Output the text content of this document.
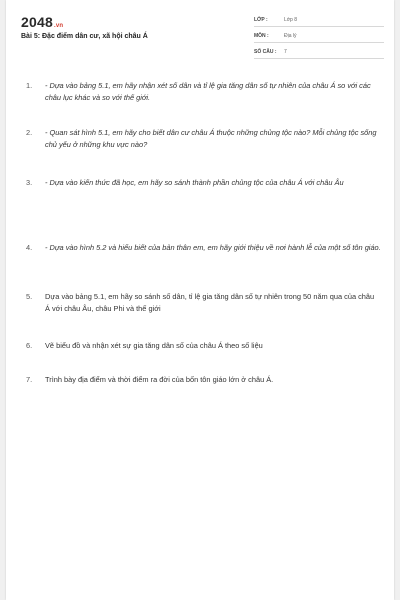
2048.vn
Bài 5: Đặc điểm dân cư, xã hội châu Á
LỚP :	Lớp 8
MÔN :	Địa lý
SỐ CÂU :	7
1. - Dựa vào bảng 5.1, em hãy nhận xét số dân và tỉ lệ gia tăng dân số tự nhiên của châu Á so với các châu lục khác và so với thế giới.
2. - Quan sát hình 5.1, em hãy cho biết dân cư châu Á thuộc những chủng tộc nào? Mỗi chủng tộc sống chủ yếu ở những khu vực nào?
3. - Dựa vào kiến thức đã học, em hãy so sánh thành phần chủng tộc của châu Á với châu Âu
4. - Dựa vào hình 5.2 và hiểu biết của bản thân em, em hãy giới thiệu về nơi hành lễ của một số tôn giáo.
5. Dựa vào bảng 5.1, em hãy so sánh số dân, tỉ lệ gia tăng dân số tự nhiên trong 50 năm qua của châu Á với châu Âu, châu Phi và thế giới
6. Vẽ biểu đồ và nhận xét sự gia tăng dân số của châu Á theo số liệu
7. Trình bày địa điểm và thời điểm ra đời của bốn tôn giáo lớn ở châu Á.
